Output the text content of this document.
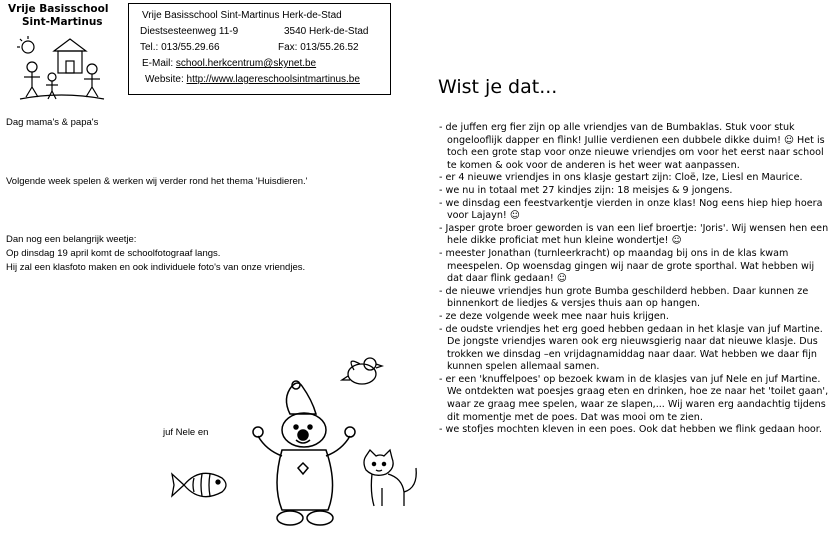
Vrije Basisschool
Sint-Martinus
Vrije Basisschool Sint-Martinus Herk-de-Stad
Diestsesteenweg 11-9	3540 Herk-de-Stad
Tel.: 013/55.29.66	Fax: 013/55.26.52
E-Mail: school.herkcentrum@skynet.be
Website: http://www.lagereschoolsintmartinus.be
Dag mama's & papa's
Volgende week spelen & werken wij verder rond het thema 'Huisdieren.'
Dan nog een belangrijk weetje:
Op dinsdag 19 april komt de schoolfotograaf langs.
Hij zal een klasfoto maken en ook individuele foto's van onze vriendjes.
juf Nele en
Wist je dat...
- de juffen erg fier zijn op alle vriendjes van de Bumbaklas. Stuk voor stuk ongelooflijk dapper en flink! Jullie verdienen een dubbele dikke duim! ☺ Het is toch een grote stap voor onze nieuwe vriendjes om voor het eerst naar school te komen & ook voor de anderen is het weer wat aanpassen.
- er 4 nieuwe vriendjes in ons klasje gestart zijn: Cloë, Ize, Liesl en Maurice.
- we nu in totaal met 27 kindjes zijn: 18 meisjes & 9 jongens.
- we dinsdag een feestvarkentje vierden in onze klas! Nog eens hiep hiep hoera voor Lajayn! ☺
- Jasper grote broer geworden is van een lief broertje: 'Joris'. Wij wensen hen een hele dikke proficiat met hun kleine wondertje! ☺
- meester Jonathan (turnleerkracht) op maandag bij ons in de klas kwam meespelen. Op woensdag gingen wij naar de grote sporthal. Wat hebben wij dat daar flink gedaan! ☺
- de nieuwe vriendjes hun grote Bumba geschilderd hebben. Daar kunnen ze binnenkort de liedjes & versjes thuis aan op hangen.
- ze deze volgende week mee naar huis krijgen.
- de oudste vriendjes het erg goed hebben gedaan in het klasje van juf Martine. De jongste vriendjes waren ook erg nieuwsgierig naar dat nieuwe klasje. Dus trokken we dinsdag –en vrijdagnamiddag naar daar. Wat hebben we daar fijn kunnen spelen allemaal samen.
- er een 'knuffelpoes' op bezoek kwam in de klasjes van juf Nele en juf Martine. We ontdekten wat poesjes graag eten en drinken, hoe ze naar het 'toilet gaan', waar ze graag mee spelen, waar ze slapen,... Wij waren erg aandachtig tijdens dit momentje met de poes. Dat was mooi om te zien.
- we stofjes mochten kleven in een poes. Ook dat hebben we flink gedaan hoor.
